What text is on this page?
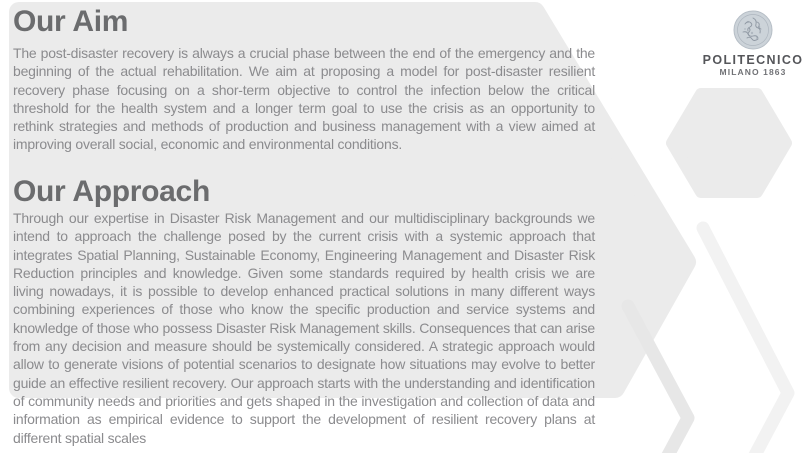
Our Aim

The post-disaster recovery is always a crucial phase between the end of the emergency and the beginning of the actual rehabilitation. We aim at proposing a model for post-disaster resilient recovery phase focusing on a shor-term objective to control the infection below the critical threshold for the health system and a longer term goal to use the crisis as an opportunity to rethink strategies and methods of production and business management with a view aimed at improving overall social, economic and environmental conditions.

Our Approach

Through our expertise in Disaster Risk Management and our multidisciplinary backgrounds we intend to approach the challenge posed by the current crisis with a systemic approach that integrates Spatial Planning, Sustainable Economy, Engineering Management and Disaster Risk Reduction principles and knowledge. Given some standards required by health crisis we are living nowadays, it is possible to develop enhanced practical solutions in many different ways combining experiences of those who know the specific production and service systems and knowledge of those who possess Disaster Risk Management skills. Consequences that can arise from any decision and measure should be systemically considered. A strategic approach would allow to generate visions of potential scenarios to designate how situations may evolve to better guide an effective resilient recovery. Our approach starts with the understanding and identification of community needs and priorities and gets shaped in the investigation and collection of data and information as empirical evidence to support the development of resilient recovery plans at different spatial scales

POLITECNICO
MILANO 1863
